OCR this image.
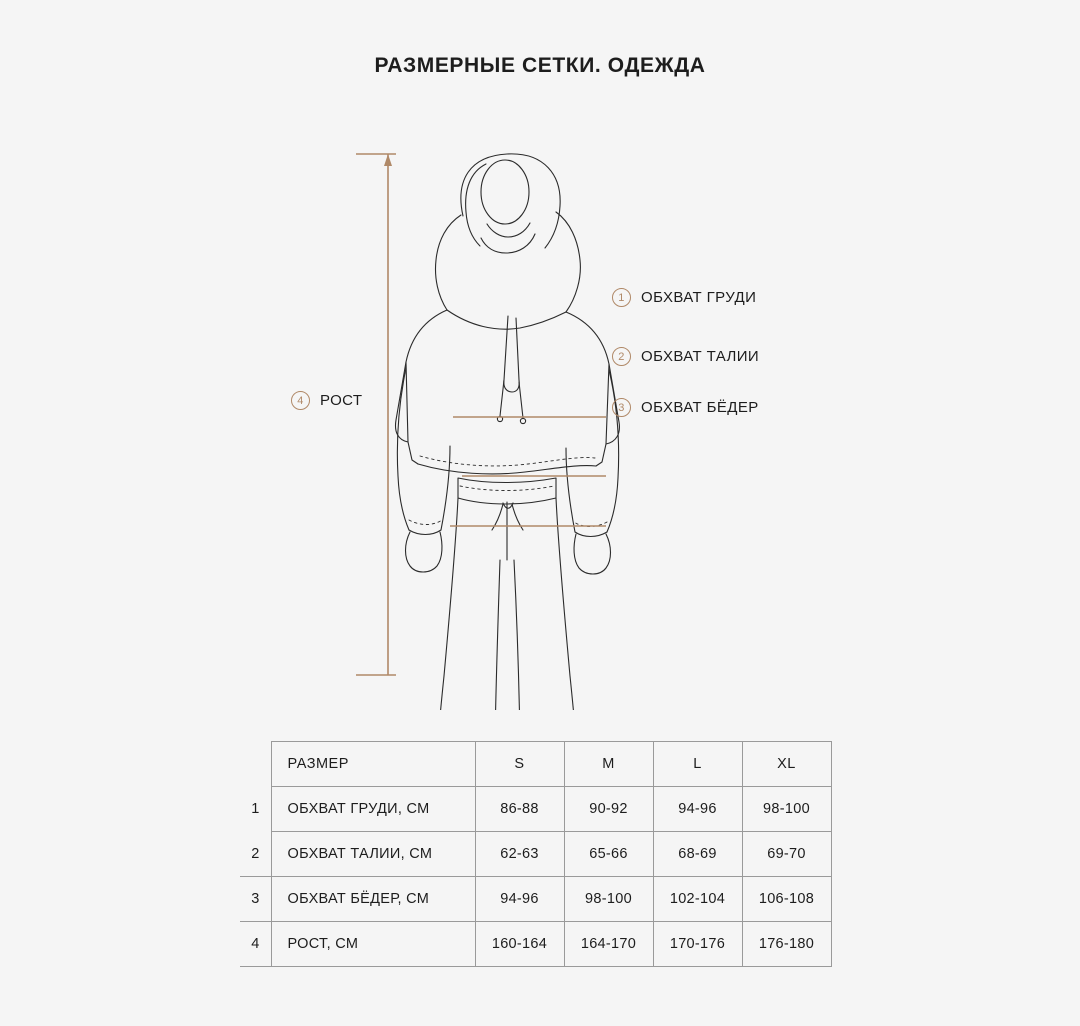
РАЗМЕРНЫЕ СЕТКИ. ОДЕЖДА
1	ОБХВАТ ГРУДИ
2	ОБХВАТ ТАЛИИ
3	ОБХВАТ БЁДЕР
4	РОСТ
	РАЗМЕР	S	M	L	XL
1	ОБХВАТ ГРУДИ, СМ	86-88	90-92	94-96	98-100
2	ОБХВАТ ТАЛИИ, СМ	62-63	65-66	68-69	69-70
3	ОБХВАТ БЁДЕР, СМ	94-96	98-100	102-104	106-108
4	РОСТ, СМ	160-164	164-170	170-176	176-180
